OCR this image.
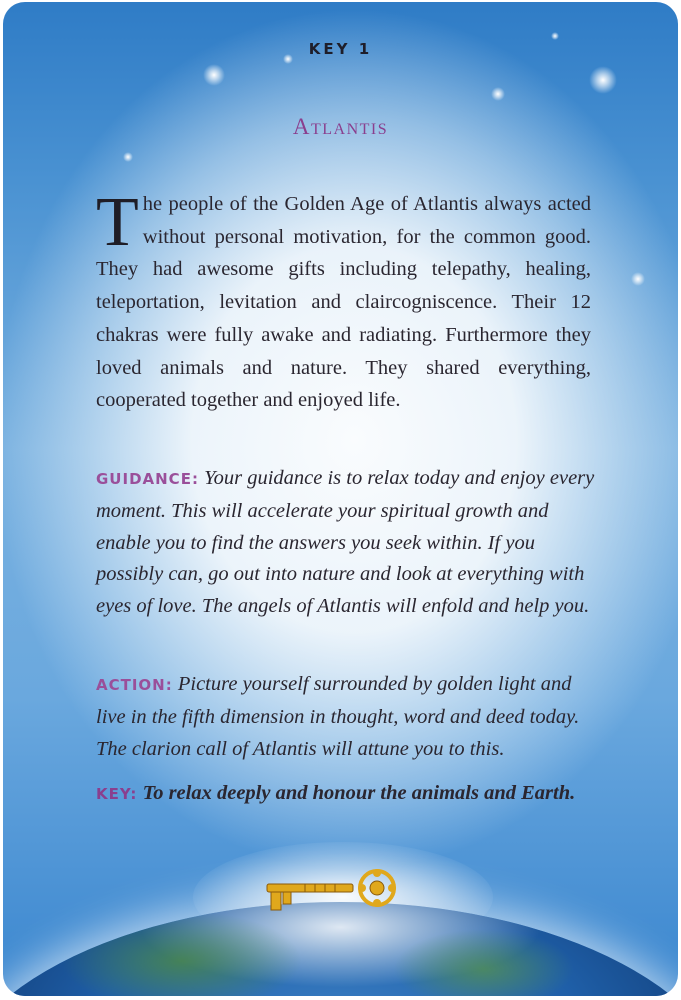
KEY 1
Atlantis

The people of the Golden Age of Atlantis always acted without personal motivation, for the common good. They had awesome gifts including telepathy, healing, teleportation, levitation and claircogniscence. Their 12 chakras were fully awake and radiating. Furthermore they loved animals and nature. They shared everything, cooperated together and enjoyed life.

GUIDANCE: Your guidance is to relax today and enjoy every moment. This will accelerate your spiritual growth and enable you to find the answers you seek within. If you possibly can, go out into nature and look at everything with eyes of love. The angels of Atlantis will enfold and help you.

ACTION: Picture yourself surrounded by golden light and live in the fifth dimension in thought, word and deed today. The clarion call of Atlantis will attune you to this.

KEY: To relax deeply and honour the animals and Earth.
